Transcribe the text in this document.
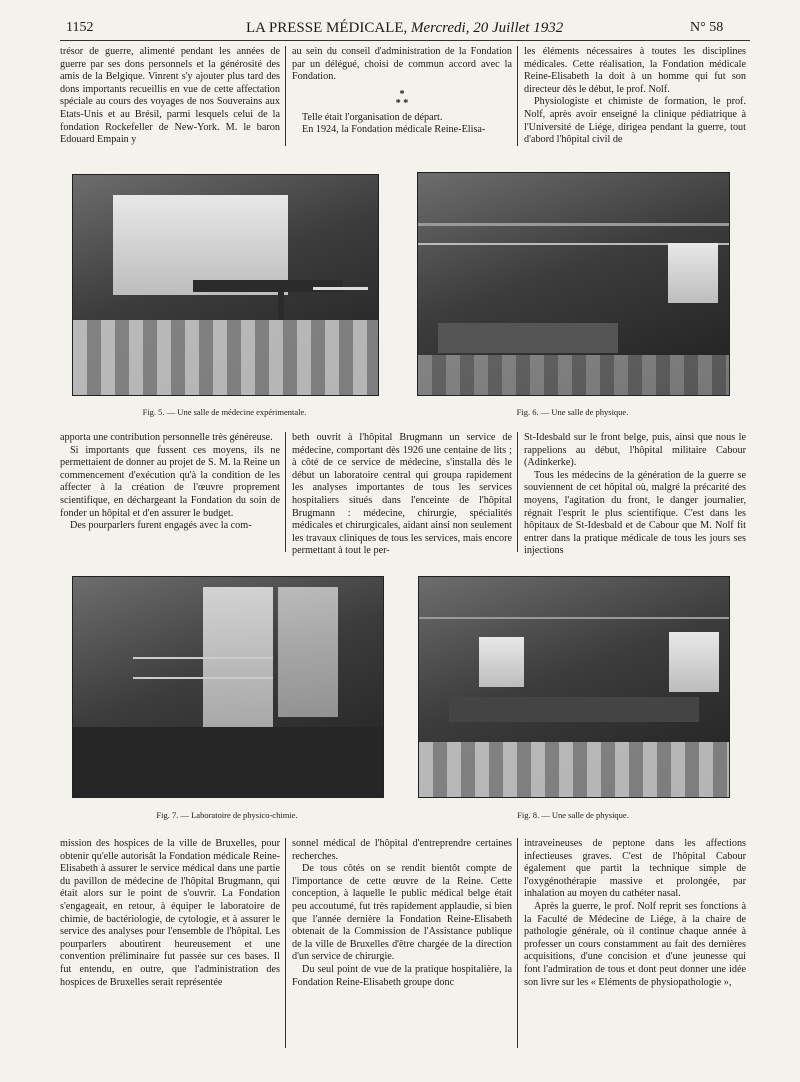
1152	LA PRESSE MÉDICALE, Mercredi, 20 Juillet 1932	N° 58

trésor de guerre, alimenté pendant les années de guerre par ses dons personnels et la générosité des amis de la Belgique. Vinrent s'y ajouter plus tard des dons importants recueillis en vue de cette affectation spéciale au cours des voyages de nos Souverains aux Etats-Unis et au Brésil, parmi lesquels celui de la fondation Rockefeller de New-York. M. le baron Edouard Empain y

au sein du conseil d'administration de la Fondation par un délégué, choisi de commun accord avec la Fondation.

*
* *

Telle était l'organisation de départ.

En 1924, la Fondation médicale Reine-Elisa-

les éléments nécessaires à toutes les disciplines médicales. Cette réalisation, la Fondation médicale Reine-Elisabeth la doit à un homme qui fut son directeur dès le début, le prof. Nolf.

Physiologiste et chimiste de formation, le prof. Nolf, après avoir enseigné la clinique pédiatrique à l'Université de Liége, dirigea pendant la guerre, tout d'abord l'hôpital civil de

Fig. 5. — Une salle de médecine expérimentale.	Fig. 6. — Une salle de physique.

apporta une contribution personnelle très généreuse.

Si importants que fussent ces moyens, ils ne permettaient de donner au projet de S. M. la Reine un commencement d'exécution qu'à la condition de les affecter à la création de l'œuvre proprement scientifique, en déchargeant la Fondation du soin de fonder un hôpital et d'en assurer le budget.

Des pourparlers furent engagés avec la com-

beth ouvrit à l'hôpital Brugmann un service de médecine, comportant dès 1926 une centaine de lits ; à côté de ce service de médecine, s'installa dès le début un laboratoire central qui groupa rapidement les analyses importantes de tous les services hospitaliers situés dans l'enceinte de l'hôpital Brugmann : médecine, chirurgie, spécialités médicales et chirurgicales, aidant ainsi non seulement les travaux cliniques de tous les services, mais encore permettant à tout le per-

St-Idesbald sur le front belge, puis, ainsi que nous le rappelions au début, l'hôpital militaire Cabour (Adinkerke).

Tous les médecins de la génération de la guerre se souviennent de cet hôpital où, malgré la précarité des moyens, l'agitation du front, le danger journalier, régnait l'esprit le plus scientifique. C'est dans les hôpitaux de St-Idesbald et de Cabour que M. Nolf fit entrer dans la pratique médicale de tous les jours ses injections

Fig. 7. — Laboratoire de physico-chimie.	Fig. 8. — Une salle de physique.

mission des hospices de la ville de Bruxelles, pour obtenir qu'elle autorisât la Fondation médicale Reine-Elisabeth à assurer le service médical dans une partie du pavillon de médecine de l'hôpital Brugmann, qui était alors sur le point de s'ouvrir. La Fondation s'engageait, en retour, à équiper le laboratoire de chimie, de bactériologie, de cytologie, et à assurer le service des analyses pour l'ensemble de l'hôpital. Les pourparlers aboutirent heureusement et une convention préliminaire fut passée sur ces bases. Il fut entendu, en outre, que l'administration des hospices de Bruxelles serait représentée

sonnel médical de l'hôpital d'entreprendre certaines recherches.

De tous côtés on se rendit bientôt compte de l'importance de cette œuvre de la Reine. Cette conception, à laquelle le public médical belge était peu accoutumé, fut très rapidement applaudie, si bien que l'année dernière la Fondation Reine-Elisabeth obtenait de la Commission de l'Assistance publique de la ville de Bruxelles d'être chargée de la direction d'un service de chirurgie.

Du seul point de vue de la pratique hospitalière, la Fondation Reine-Elisabeth groupe donc

intraveineuses de peptone dans les affections infectieuses graves. C'est de l'hôpital Cabour également que partit la technique simple de l'oxygénothérapie massive et prolongée, par inhalation au moyen du cathéter nasal.

Après la guerre, le prof. Nolf reprit ses fonctions à la Faculté de Médecine de Liége, à la chaire de pathologie générale, où il continue chaque année à professer un cours constamment au fait des dernières acquisitions, d'une concision et d'une jeunesse qui font l'admiration de tous et dont peut donner une idée son livre sur les « Eléments de physiopathologie »,
